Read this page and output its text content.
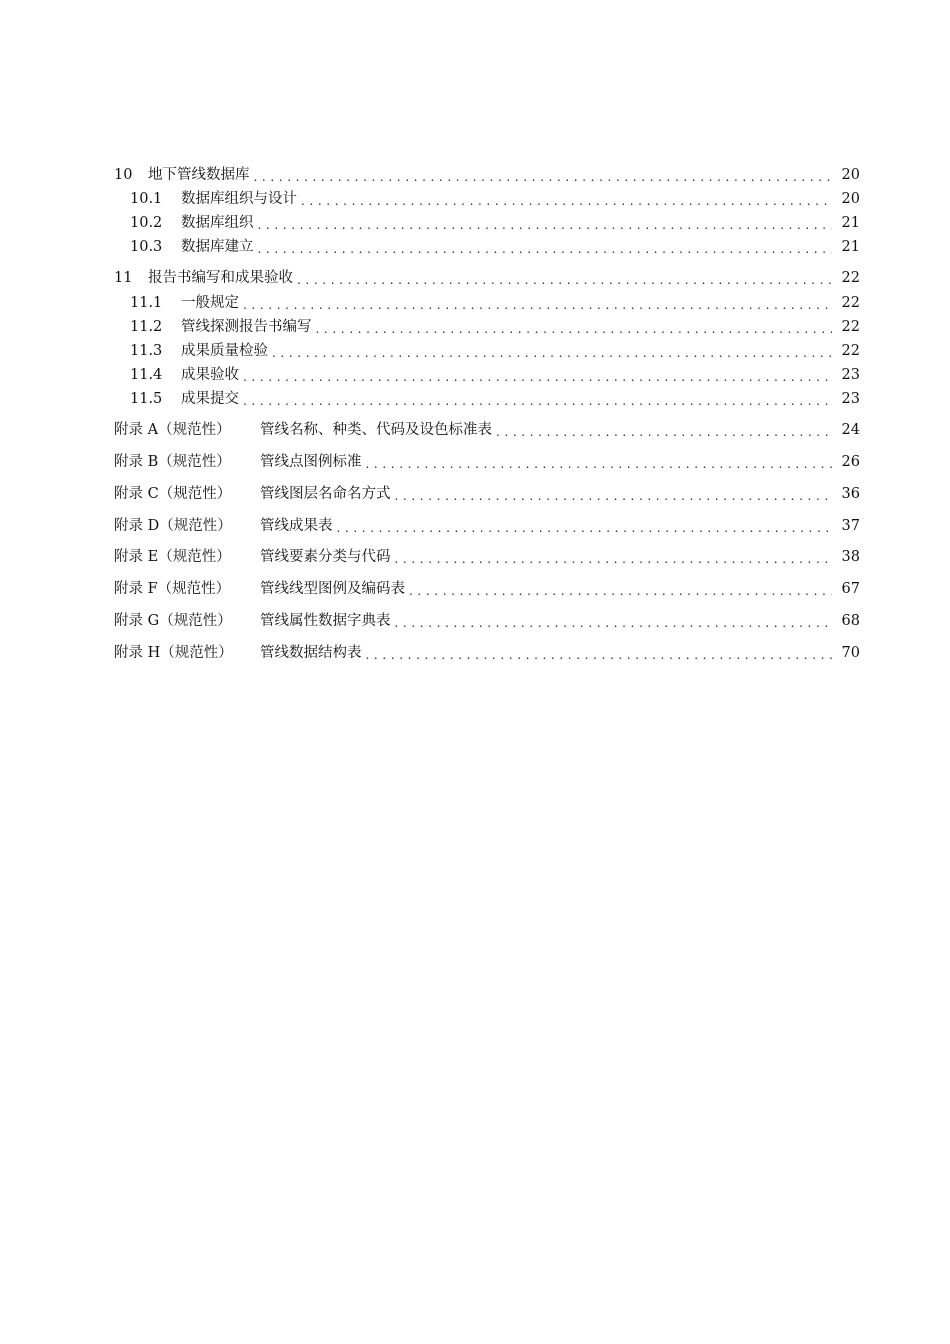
10	地下管线数据库 . . .	20
10.1	数据库组织与设计 . . .	20
10.2	数据库组织 . . .	21
10.3	数据库建立 . . .	21
11	报告书编写和成果验收 . . .	22
11.1	一般规定 . . .	22
11.2	管线探测报告书编写 . . .	22
11.3	成果质量检验 . . .	22
11.4	成果验收 . . .	23
11.5	成果提交 . . .	23
附录 A（规范性）	管线名称、种类、代码及设色标准表 . . .	24
附录 B（规范性）	管线点图例标准 . . .	26
附录 C（规范性）	管线图层名命名方式 . . .	36
附录 D（规范性）	管线成果表 . . .	37
附录 E（规范性）	管线要素分类与代码 . . .	38
附录 F（规范性）	管线线型图例及编码表 . . .	67
附录 G（规范性）	管线属性数据字典表 . . .	68
附录 H（规范性）	管线数据结构表 . . .	70
